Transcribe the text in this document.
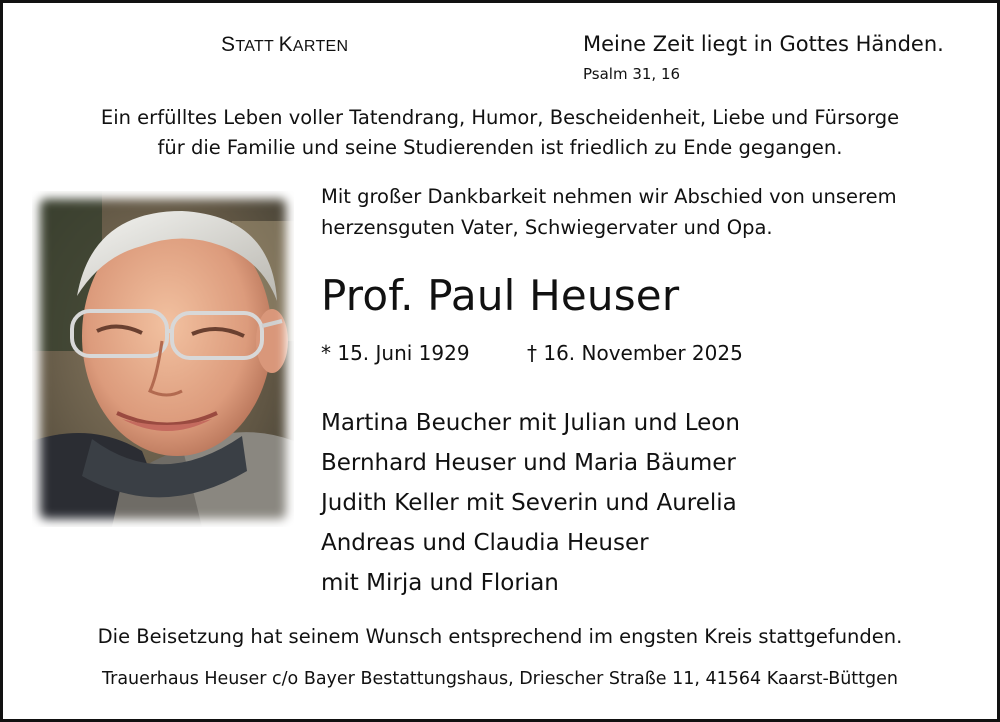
STATT KARTEN	Meine Zeit liegt in Gottes Händen.
Psalm 31, 16
Ein erfülltes Leben voller Tatendrang, Humor, Bescheidenheit, Liebe und Fürsorge
für die Familie und seine Studierenden ist friedlich zu Ende gegangen.
Mit großer Dankbarkeit nehmen wir Abschied von unserem
herzensguten Vater, Schwiegervater und Opa.
Prof. Paul Heuser
* 15. Juni 1929	† 16. November 2025
Martina Beucher mit Julian und Leon
Bernhard Heuser und Maria Bäumer
Judith Keller mit Severin und Aurelia
Andreas und Claudia Heuser
mit Mirja und Florian
Die Beisetzung hat seinem Wunsch entsprechend im engsten Kreis stattgefunden.
Trauerhaus Heuser c/o Bayer Bestattungshaus, Driescher Straße 11, 41564 Kaarst-Büttgen
